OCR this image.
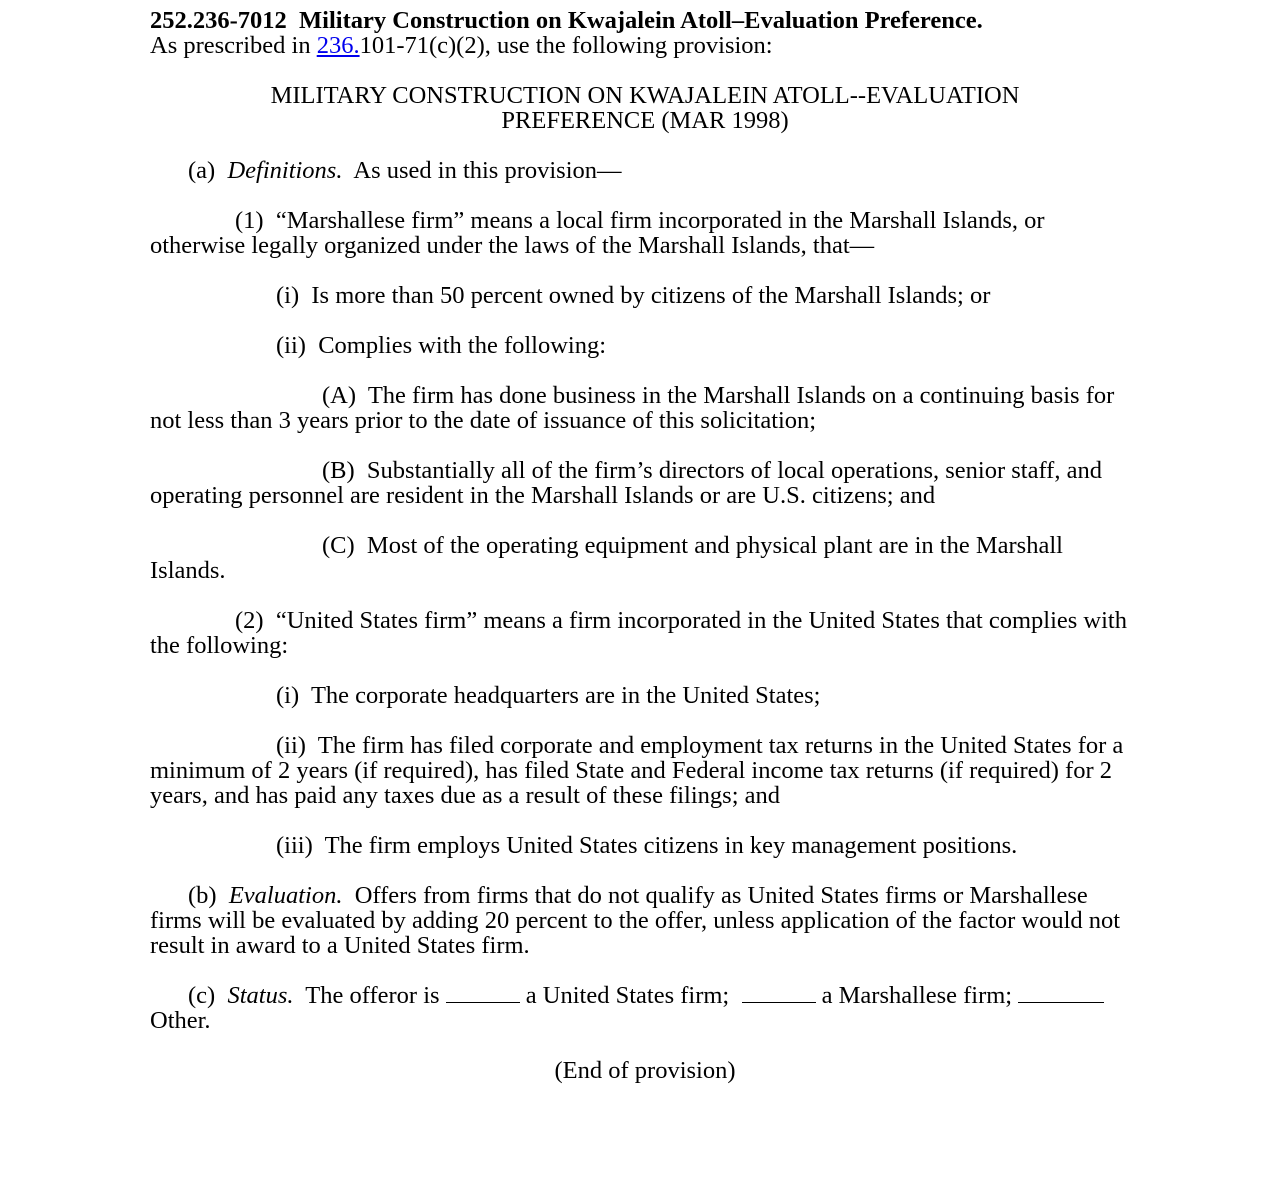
252.236-7012 Military Construction on Kwajalein Atoll–Evaluation Preference.

As prescribed in 236.101-71(c)(2), use the following provision:

MILITARY CONSTRUCTION ON KWAJALEIN ATOLL--EVALUATION
PREFERENCE (MAR 1998)

(a) Definitions. As used in this provision—

(1) “Marshallese firm” means a local firm incorporated in the Marshall Islands, or otherwise legally organized under the laws of the Marshall Islands, that—

(i) Is more than 50 percent owned by citizens of the Marshall Islands; or

(ii) Complies with the following:

(A) The firm has done business in the Marshall Islands on a continuing basis for not less than 3 years prior to the date of issuance of this solicitation;

(B) Substantially all of the firm’s directors of local operations, senior staff, and operating personnel are resident in the Marshall Islands or are U.S. citizens; and

(C) Most of the operating equipment and physical plant are in the Marshall Islands.

(2) “United States firm” means a firm incorporated in the United States that complies with the following:

(i) The corporate headquarters are in the United States;

(ii) The firm has filed corporate and employment tax returns in the United States for a minimum of 2 years (if required), has filed State and Federal income tax returns (if required) for 2 years, and has paid any taxes due as a result of these filings; and

(iii) The firm employs United States citizens in key management positions.

(b) Evaluation. Offers from firms that do not qualify as United States firms or Marshallese firms will be evaluated by adding 20 percent to the offer, unless application of the factor would not result in award to a United States firm.

(c) Status. The offeror is	a United States firm;	a Marshallese firm;  Other.

(End of provision)
